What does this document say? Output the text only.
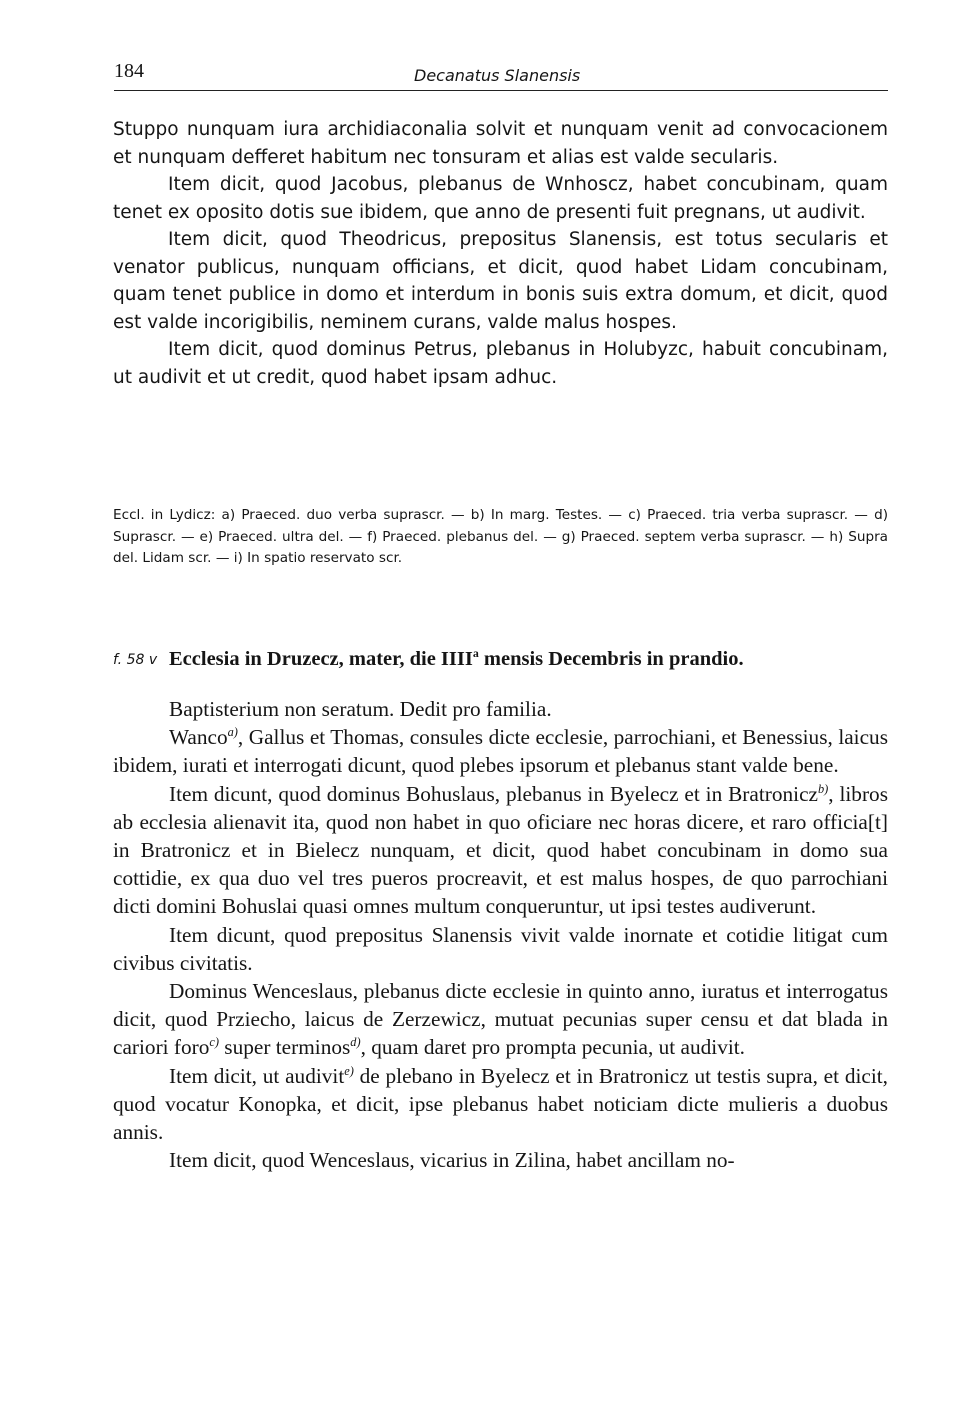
184	Decanatus Slanensis

Stuppo nunquam iura archidiaconalia solvit et nunquam venit ad convocacionem et nunquam defferet habitum nec tonsuram et alias est valde secularis.

Item dicit, quod Jacobus, plebanus de Wnhoscz, habet concubinam, quam tenet ex oposito dotis sue ibidem, que anno de presenti fuit pregnans, ut audivit.

Item dicit, quod Theodricus, prepositus Slanensis, est totus secularis et venator publicus, nunquam officians, et dicit, quod habet Lidam concubinam, quam tenet publice in domo et interdum in bonis suis extra domum, et dicit, quod est valde incorigibilis, neminem curans, valde malus hospes.

Item dicit, quod dominus Petrus, plebanus in Holubyzc, habuit concubinam, ut audivit et ut credit, quod habet ipsam adhuc.

Eccl. in Lydicz: a) Praeced. duo verba suprascr. — b) In marg. Testes. — c) Praeced. tria verba suprascr. — d) Suprascr. — e) Praeced. ultra del. — f) Praeced. plebanus del. — g) Praeced. septem verba suprascr. — h) Supra del. Lidam scr. — i) In spatio reservato scr.

f. 58 v Ecclesia in Druzecz, mater, die IIII$^a$ mensis Decembris in prandio.

Baptisterium non seratum. Dedit pro familia.

Wanco$^{a)}$, Gallus et Thomas, consules dicte ecclesie, parrochiani, et Benessius, laicus ibidem, iurati et interrogati dicunt, quod plebes ipsorum et plebanus stant valde bene.

Item dicunt, quod dominus Bohuslaus, plebanus in Byelecz et in Bratronicz$^{b)}$, libros ab ecclesia alienavit ita, quod non habet in quo oficiare nec horas dicere, et raro officia[t] in Bratronicz et in Bielecz nunquam, et dicit, quod habet concubinam in domo sua cottidie, ex qua duo vel tres pueros procreavit, et est malus hospes, de quo parrochiani dicti domini Bohuslai quasi omnes multum conqueruntur, ut ipsi testes audiverunt.

Item dicunt, quod prepositus Slanensis vivit valde inornate et cotidie litigat cum civibus civitatis.

Dominus Wenceslaus, plebanus dicte ecclesie in quinto anno, iuratus et interrogatus dicit, quod Prziecho, laicus de Zerzewicz, mutuat pecunias super censu et dat blada in cariori foro$^{c)}$ super terminos$^{d)}$, quam daret pro prompta pecunia, ut audivit.

Item dicit, ut audivit$^{e)}$ de plebano in Byelecz et in Bratronicz ut testis supra, et dicit, quod vocatur Konopka, et dicit, ipse plebanus habet noticiam dicte mulieris a duobus annis.

Item dicit, quod Wenceslaus, vicarius in Zilina, habet ancillam no-
